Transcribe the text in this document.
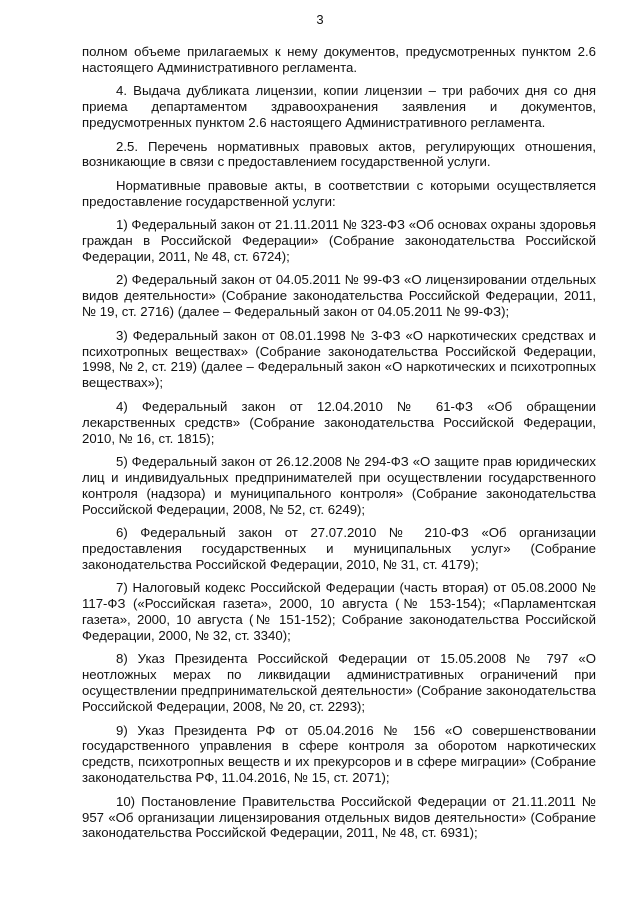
3

полном объеме прилагаемых к нему документов, предусмотренных пунктом 2.6 настоящего Административного регламента.

4. Выдача дубликата лицензии, копии лицензии – три рабочих дня со дня приема департаментом здравоохранения заявления и документов, предусмотренных пунктом 2.6 настоящего Административного регламента.

2.5. Перечень нормативных правовых актов, регулирующих отношения, возникающие в связи с предоставлением государственной услуги.

Нормативные правовые акты, в соответствии с которыми осуществляется предоставление государственной услуги:

1) Федеральный закон от 21.11.2011 № 323-ФЗ «Об основах охраны здоровья граждан в Российской Федерации» (Собрание законодательства Российской Федерации, 2011, № 48, ст. 6724);

2) Федеральный закон от 04.05.2011 № 99-ФЗ «О лицензировании отдельных видов деятельности» (Собрание законодательства Российской Федерации, 2011, № 19, ст. 2716) (далее – Федеральный закон от 04.05.2011 № 99-ФЗ);

3) Федеральный закон от 08.01.1998 № 3-ФЗ «О наркотических средствах и психотропных веществах» (Собрание законодательства Российской Федерации, 1998, № 2, ст. 219) (далее – Федеральный закон «О наркотических и психотропных веществах»);

4) Федеральный закон от 12.04.2010 № 61-ФЗ «Об обращении лекарственных средств» (Собрание законодательства Российской Федерации, 2010, № 16, ст. 1815);

5) Федеральный закон от 26.12.2008 № 294-ФЗ «О защите прав юридических лиц и индивидуальных предпринимателей при осуществлении государственного контроля (надзора) и муниципального контроля» (Собрание законодательства Российской Федерации, 2008, № 52, ст. 6249);

6) Федеральный закон от 27.07.2010 № 210-ФЗ «Об организации предоставления государственных и муниципальных услуг» (Собрание законодательства Российской Федерации, 2010, № 31, ст. 4179);

7) Налоговый кодекс Российской Федерации (часть вторая) от 05.08.2000 № 117-ФЗ («Российская газета», 2000, 10 августа (№ 153-154); «Парламентская газета», 2000, 10 августа (№ 151-152); Собрание законодательства Российской Федерации, 2000, № 32, ст. 3340);

8) Указ Президента Российской Федерации от 15.05.2008 № 797 «О неотложных мерах по ликвидации административных ограничений при осуществлении предпринимательской деятельности» (Собрание законодательства Российской Федерации, 2008, № 20, ст. 2293);

9) Указ Президента РФ от 05.04.2016 № 156 «О совершенствовании государственного управления в сфере контроля за оборотом наркотических средств, психотропных веществ и их прекурсоров и в сфере миграции» (Собрание законодательства РФ, 11.04.2016, № 15, ст. 2071);

10) Постановление Правительства Российской Федерации от 21.11.2011 № 957 «Об организации лицензирования отдельных видов деятельности» (Собрание законодательства Российской Федерации, 2011, № 48, ст. 6931);
